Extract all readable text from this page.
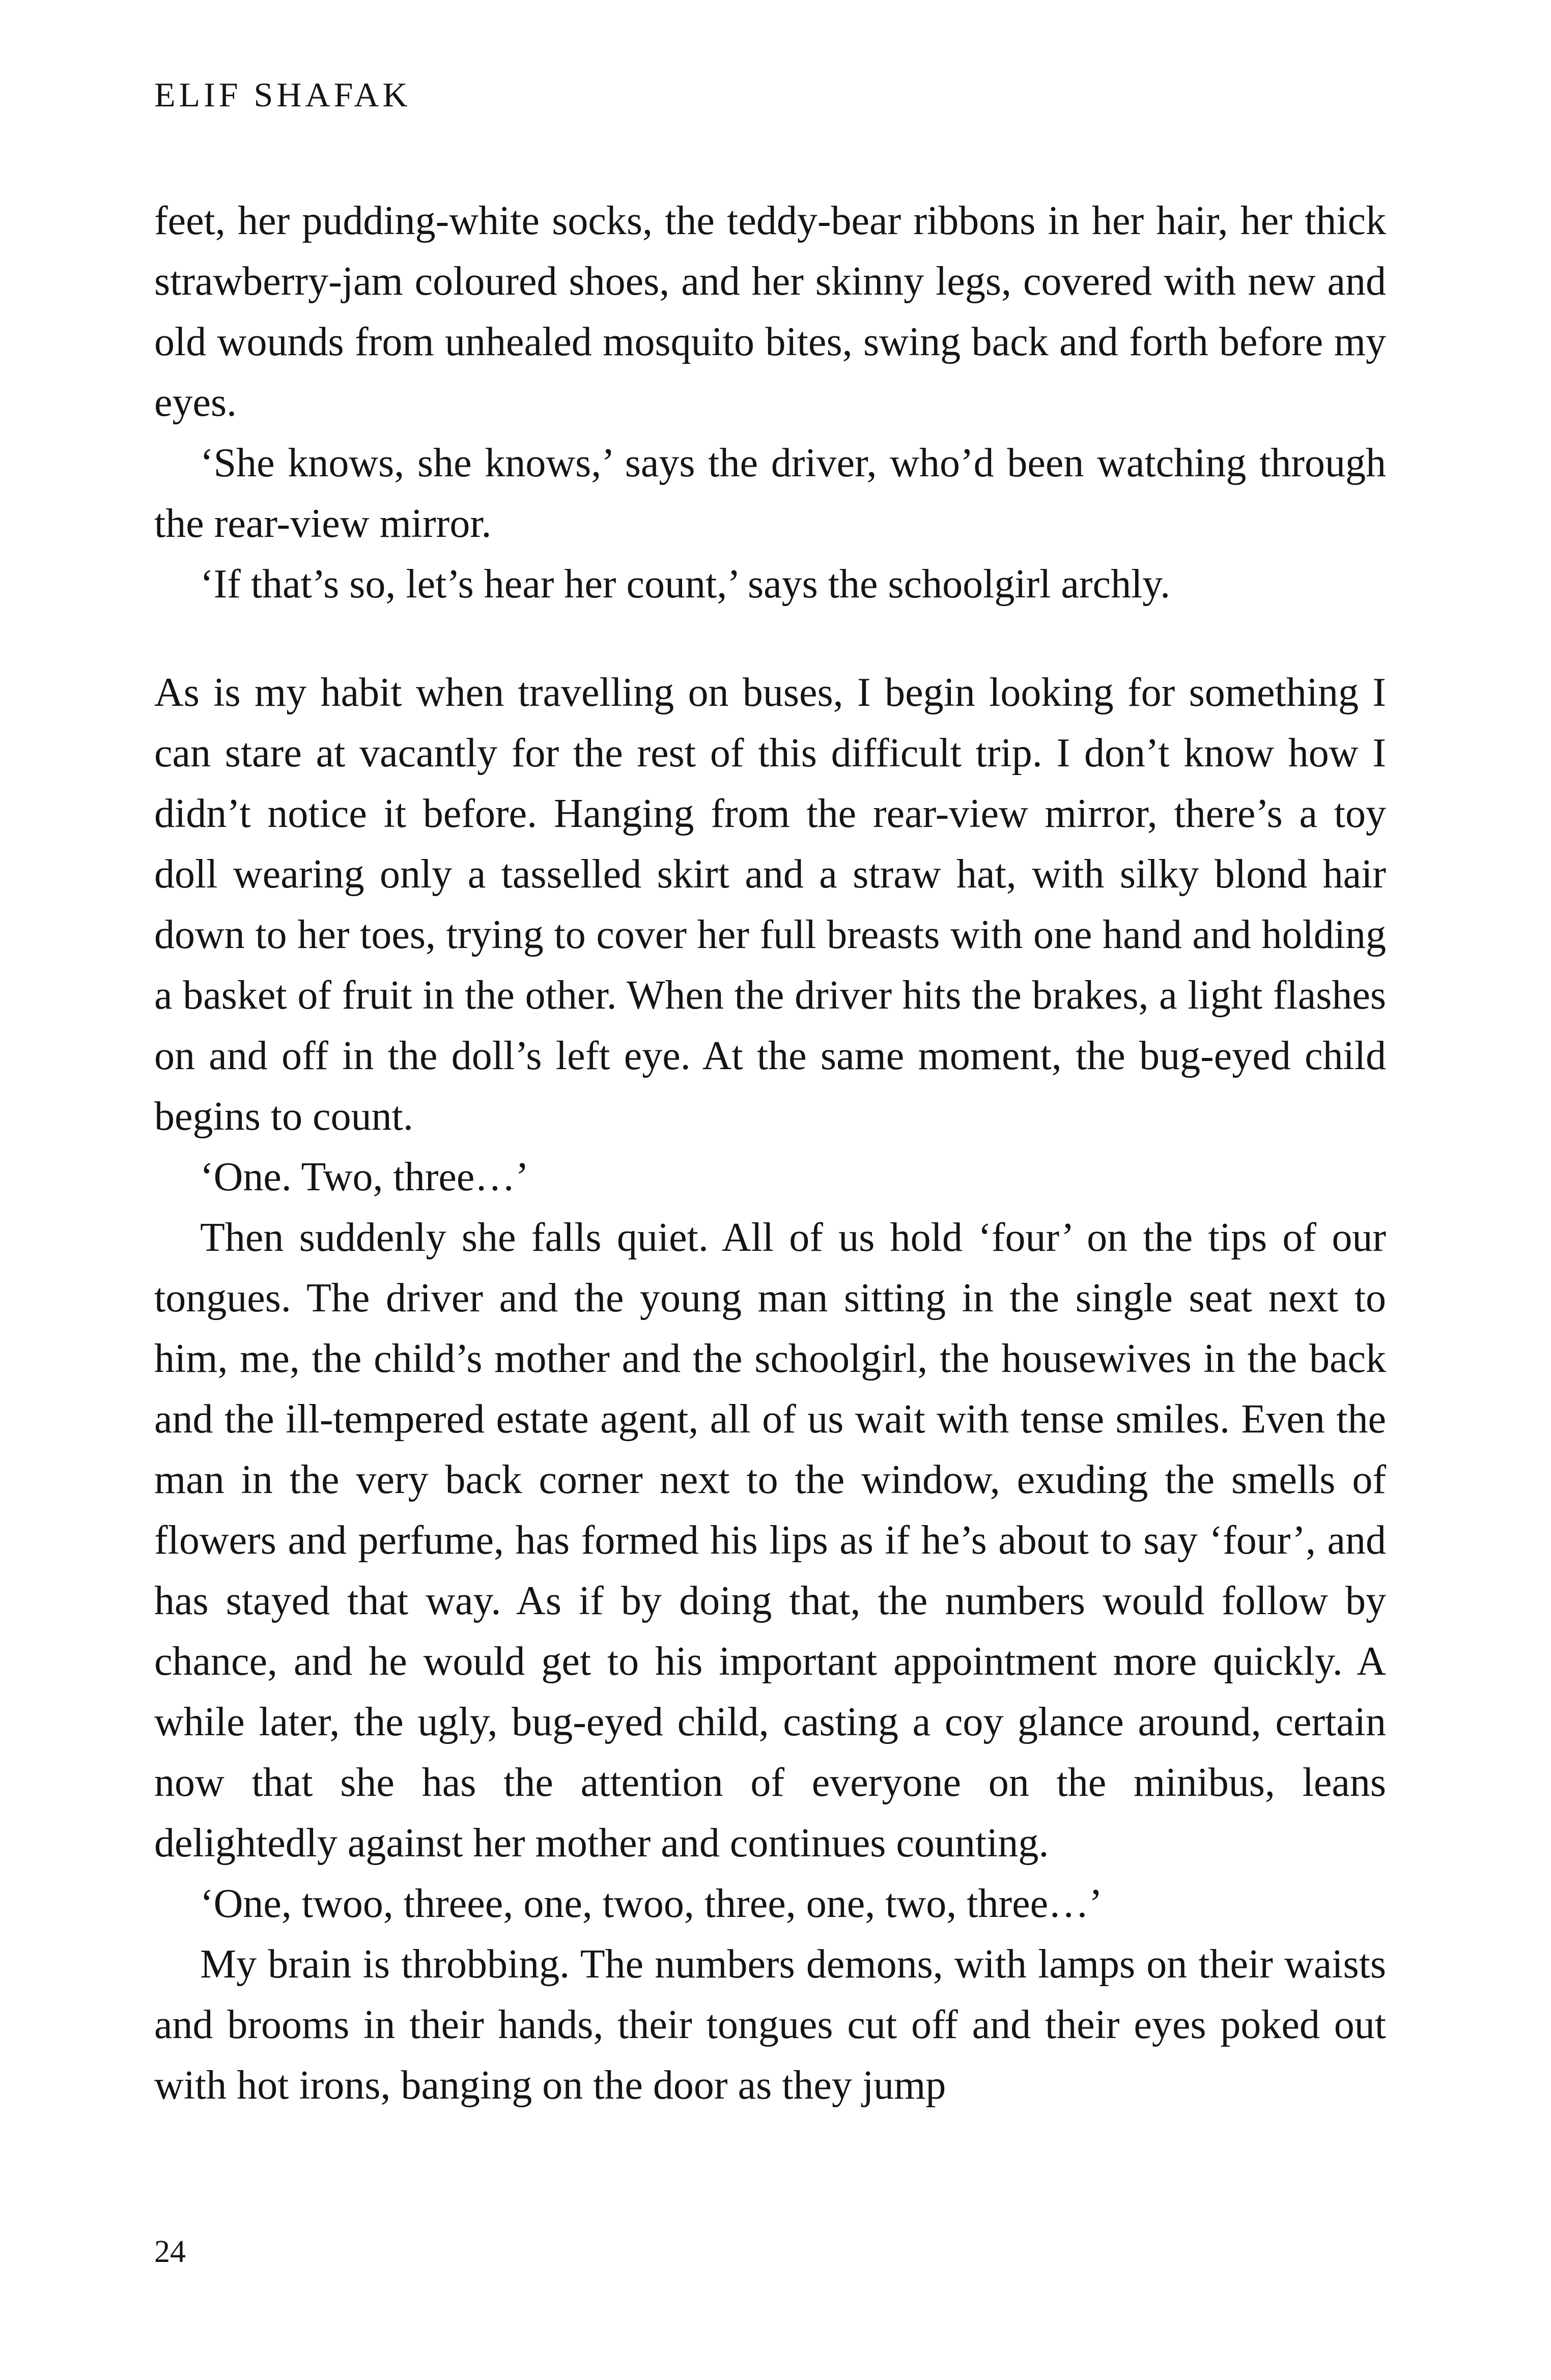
ELIF SHAFAK

feet, her pudding-white socks, the teddy-bear ribbons in her hair, her thick strawberry-jam coloured shoes, and her skinny legs, covered with new and old wounds from unhealed mosquito bites, swing back and forth before my eyes.

‘She knows, she knows,’ says the driver, who’d been watching through the rear-view mirror.

‘If that’s so, let’s hear her count,’ says the schoolgirl archly.

As is my habit when travelling on buses, I begin looking for something I can stare at vacantly for the rest of this difficult trip. I don’t know how I didn’t notice it before. Hanging from the rear-view mirror, there’s a toy doll wearing only a tasselled skirt and a straw hat, with silky blond hair down to her toes, trying to cover her full breasts with one hand and holding a basket of fruit in the other. When the driver hits the brakes, a light flashes on and off in the doll’s left eye. At the same moment, the bug-eyed child begins to count.

‘One. Two, three…’

Then suddenly she falls quiet. All of us hold ‘four’ on the tips of our tongues. The driver and the young man sitting in the single seat next to him, me, the child’s mother and the schoolgirl, the housewives in the back and the ill-tempered estate agent, all of us wait with tense smiles. Even the man in the very back corner next to the window, exuding the smells of flowers and perfume, has formed his lips as if he’s about to say ‘four’, and has stayed that way. As if by doing that, the numbers would follow by chance, and he would get to his important appointment more quickly. A while later, the ugly, bug-eyed child, casting a coy glance around, certain now that she has the attention of everyone on the minibus, leans delightedly against her mother and continues counting.

‘One, twoo, threee, one, twoo, three, one, two, three…’

My brain is throbbing. The numbers demons, with lamps on their waists and brooms in their hands, their tongues cut off and their eyes poked out with hot irons, banging on the door as they jump

24
